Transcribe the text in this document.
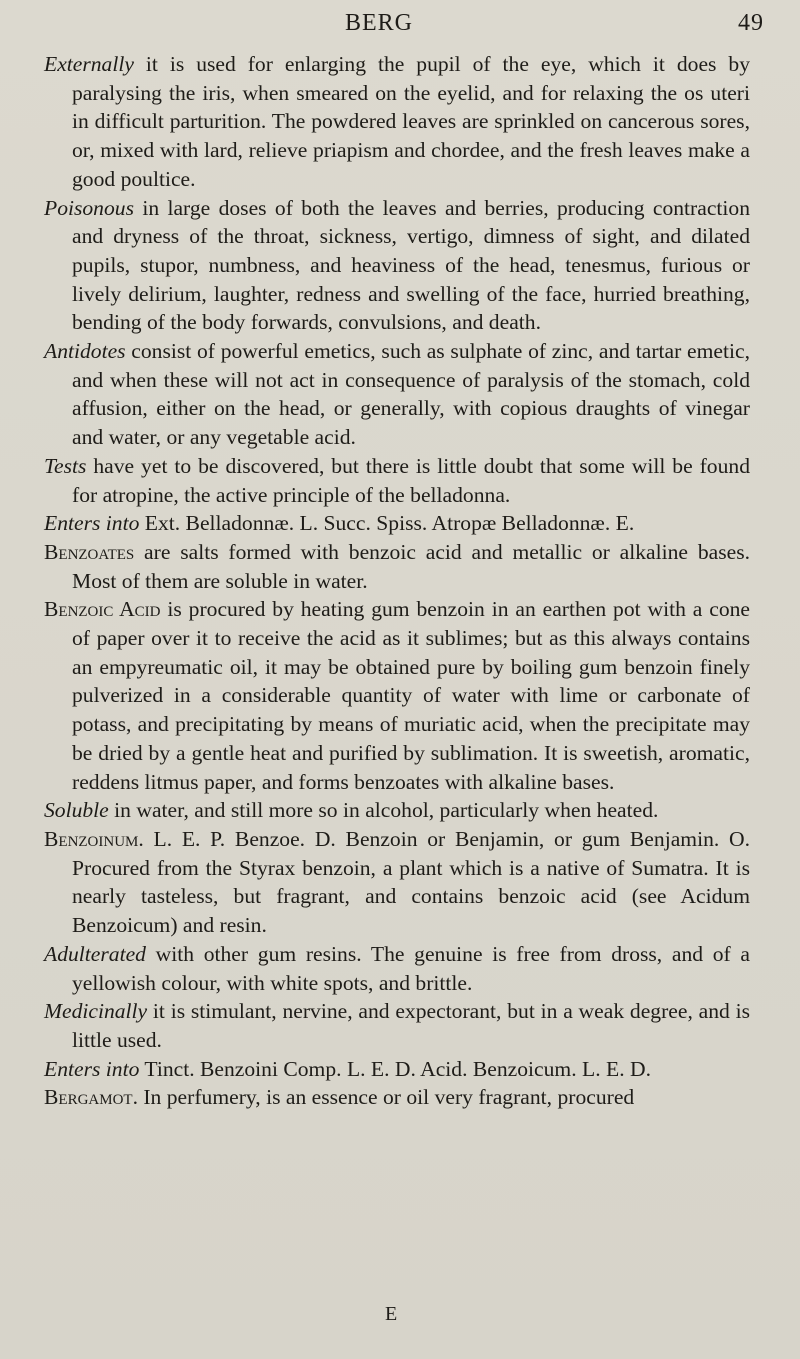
BERG	49

Externally it is used for enlarging the pupil of the eye, which it does by paralysing the iris, when smeared on the eyelid, and for relaxing the os uteri in difficult parturition. The powdered leaves are sprinkled on cancerous sores, or, mixed with lard, relieve priapism and chordee, and the fresh leaves make a good poultice.

Poisonous in large doses of both the leaves and berries, producing contraction and dryness of the throat, sickness, vertigo, dimness of sight, and dilated pupils, stupor, numbness, and heaviness of the head, tenesmus, furious or lively delirium, laughter, redness and swelling of the face, hurried breathing, bending of the body forwards, convulsions, and death.

Antidotes consist of powerful emetics, such as sulphate of zinc, and tartar emetic, and when these will not act in consequence of paralysis of the stomach, cold affusion, either on the head, or generally, with copious draughts of vinegar and water, or any vegetable acid.

Tests have yet to be discovered, but there is little doubt that some will be found for atropine, the active principle of the belladonna.

Enters into Ext. Belladonnæ. L. Succ. Spiss. Atropæ Belladonnæ. E.

Benzoates are salts formed with benzoic acid and metallic or alkaline bases. Most of them are soluble in water.

Benzoic Acid is procured by heating gum benzoin in an earthen pot with a cone of paper over it to receive the acid as it sublimes; but as this always contains an empyreumatic oil, it may be obtained pure by boiling gum benzoin finely pulverized in a considerable quantity of water with lime or carbonate of potass, and precipitating by means of muriatic acid, when the precipitate may be dried by a gentle heat and purified by sublimation. It is sweetish, aromatic, reddens litmus paper, and forms benzoates with alkaline bases.

Soluble in water, and still more so in alcohol, particularly when heated.

Benzoinum. L. E. P. Benzoe. D. Benzoin or Benjamin, or gum Benjamin. O. Procured from the Styrax benzoin, a plant which is a native of Sumatra. It is nearly tasteless, but fragrant, and contains benzoic acid (see Acidum Benzoicum) and resin.

Adulterated with other gum resins. The genuine is free from dross, and of a yellowish colour, with white spots, and brittle.

Medicinally it is stimulant, nervine, and expectorant, but in a weak degree, and is little used.

Enters into Tinct. Benzoini Comp. L. E. D. Acid. Benzoicum. L. E. D.

Bergamot. In perfumery, is an essence or oil very fragrant, procured

E
